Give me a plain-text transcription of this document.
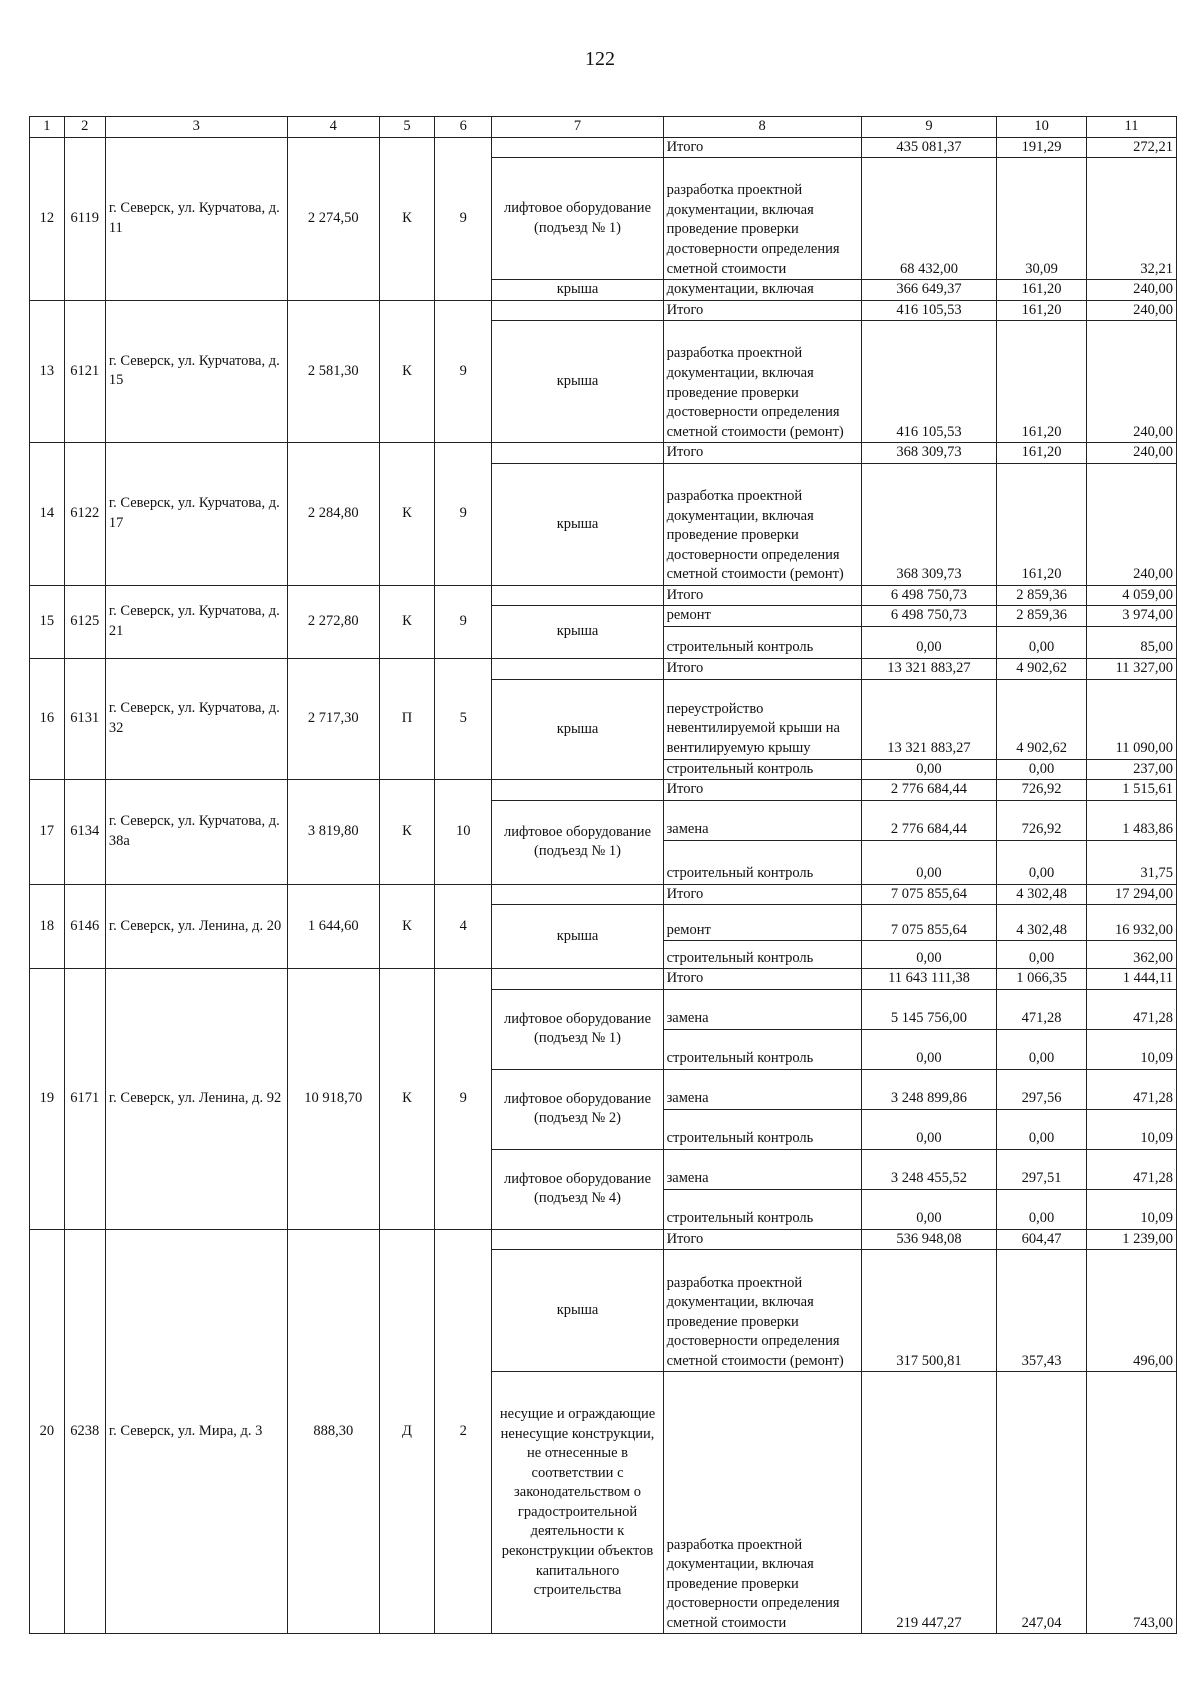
122
1	2	3	4	5	6	7	8	9	10	11
12	6119	г. Северск, ул. Курчатова, д. 11	2 274,50	К	9		Итого	435 081,37	191,29	272,21
						лифтовое оборудование (подъезд № 1)	разработка проектной документации, включая проведение проверки достоверности определения сметной стоимости	68 432,00	30,09	32,21
						крыша	документации, включая	366 649,37	161,20	240,00
13	6121	г. Северск, ул. Курчатова, д. 15	2 581,30	К	9		Итого	416 105,53	161,20	240,00
						крыша	разработка проектной документации, включая проведение проверки достоверности определения сметной стоимости (ремонт)	416 105,53	161,20	240,00
14	6122	г. Северск, ул. Курчатова, д. 17	2 284,80	К	9		Итого	368 309,73	161,20	240,00
						крыша	разработка проектной документации, включая проведение проверки достоверности определения сметной стоимости (ремонт)	368 309,73	161,20	240,00
15	6125	г. Северск, ул. Курчатова, д. 21	2 272,80	К	9		Итого	6 498 750,73	2 859,36	4 059,00
						крыша	ремонт	6 498 750,73	2 859,36	3 974,00
							строительный контроль	0,00	0,00	85,00
16	6131	г. Северск, ул. Курчатова, д. 32	2 717,30	П	5		Итого	13 321 883,27	4 902,62	11 327,00
						крыша	переустройство невентилируемой крыши на вентилируемую крышу	13 321 883,27	4 902,62	11 090,00
							строительный контроль	0,00	0,00	237,00
17	6134	г. Северск, ул. Курчатова, д. 38а	3 819,80	К	10		Итого	2 776 684,44	726,92	1 515,61
						лифтовое оборудование (подъезд № 1)	замена	2 776 684,44	726,92	1 483,86
							строительный контроль	0,00	0,00	31,75
18	6146	г. Северск, ул. Ленина, д. 20	1 644,60	К	4		Итого	7 075 855,64	4 302,48	17 294,00
						крыша	ремонт	7 075 855,64	4 302,48	16 932,00
							строительный контроль	0,00	0,00	362,00
19	6171	г. Северск, ул. Ленина, д. 92	10 918,70	К	9		Итого	11 643 111,38	1 066,35	1 444,11
						лифтовое оборудование (подъезд № 1)	замена	5 145 756,00	471,28	471,28
							строительный контроль	0,00	0,00	10,09
						лифтовое оборудование (подъезд № 2)	замена	3 248 899,86	297,56	471,28
							строительный контроль	0,00	0,00	10,09
						лифтовое оборудование (подъезд № 4)	замена	3 248 455,52	297,51	471,28
							строительный контроль	0,00	0,00	10,09
20	6238	г. Северск, ул. Мира, д. 3	888,30	Д	2		Итого	536 948,08	604,47	1 239,00
						крыша	разработка проектной документации, включая проведение проверки достоверности определения сметной стоимости (ремонт)	317 500,81	357,43	496,00
						несущие и ограждающие ненесущие конструкции, не отнесенные в соответствии с законодательством о градостроительной деятельности к реконструкции объектов капитального строительства	разработка проектной документации, включая проведение проверки достоверности определения сметной стоимости	219 447,27	247,04	743,00
